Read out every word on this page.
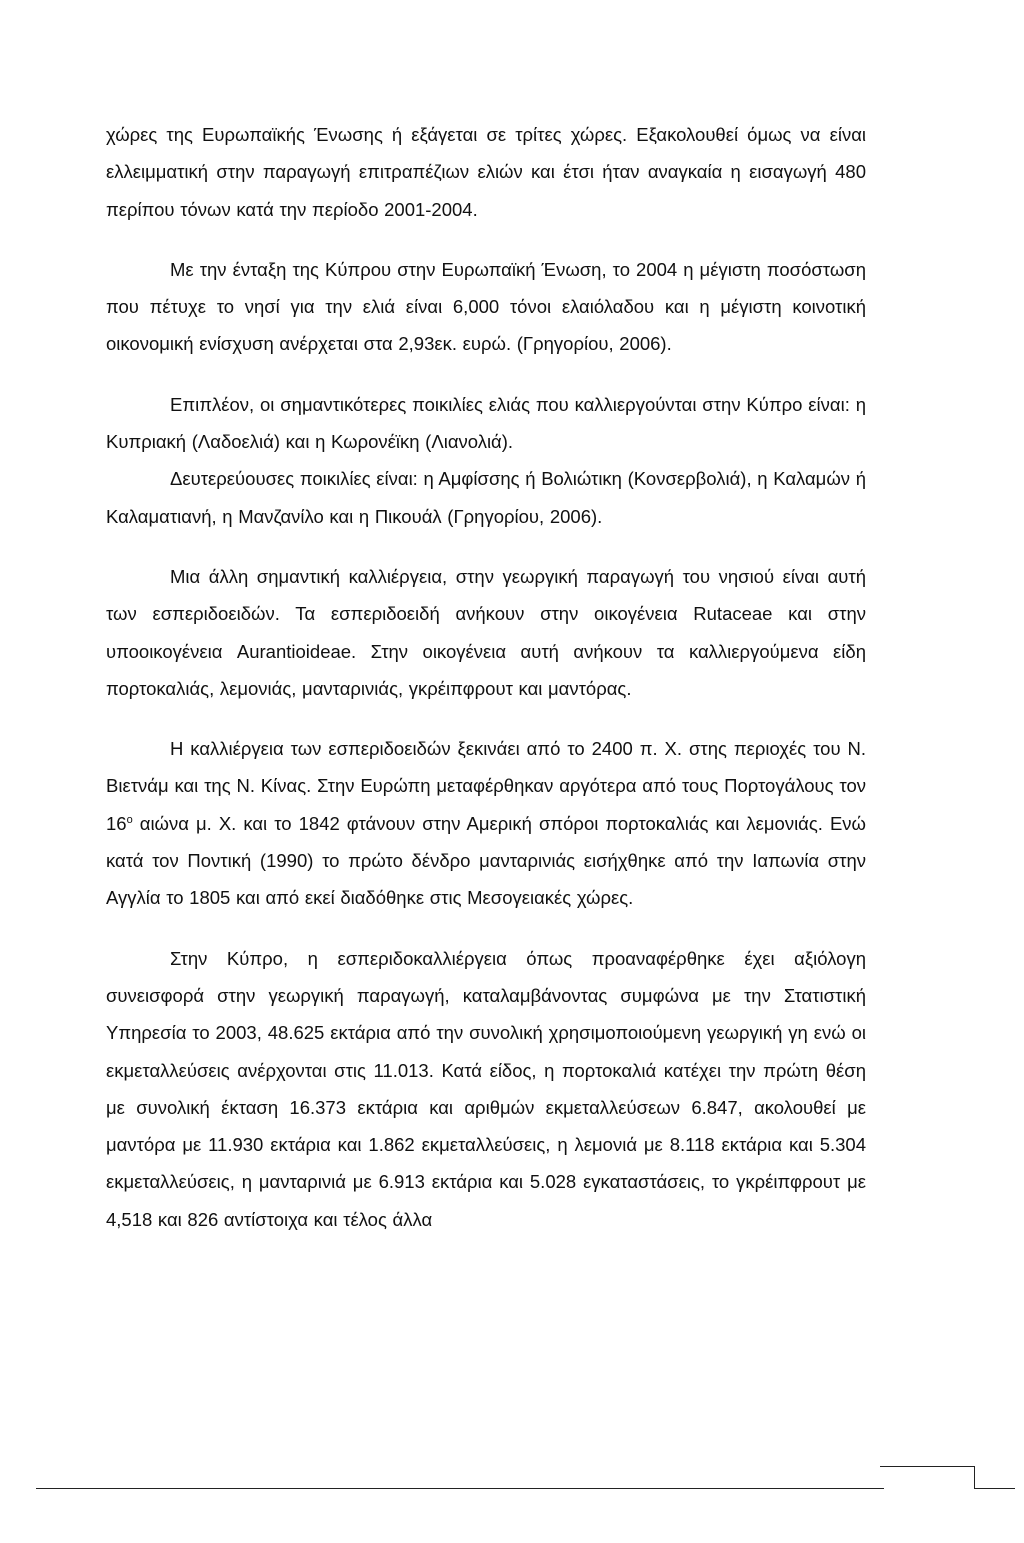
χώρες της Ευρωπαϊκής Ένωσης ή εξάγεται σε τρίτες χώρες. Εξακολουθεί όμως να είναι ελλειμματική στην παραγωγή επιτραπέζιων ελιών και έτσι ήταν αναγκαία η εισαγωγή 480 περίπου τόνων κατά την περίοδο 2001-2004.

Με την ένταξη της Κύπρου στην Ευρωπαϊκή Ένωση, το 2004 η μέγιστη ποσόστωση που πέτυχε το νησί για την ελιά είναι 6,000 τόνοι ελαιόλαδου και η μέγιστη κοινοτική οικονομική ενίσχυση ανέρχεται στα 2,93εκ. ευρώ. (Γρηγορίου, 2006).

Επιπλέον, οι σημαντικότερες ποικιλίες ελιάς που καλλιεργούνται στην Κύπρο είναι: η Κυπριακή (Λαδοελιά) και η Κωρονέϊκη (Λιανολιά).

Δευτερεύουσες ποικιλίες είναι: η Αμφίσσης ή Βολιώτικη (Κονσερβολιά), η Καλαμών ή Καλαματιανή, η Μανζανίλο και η Πικουάλ (Γρηγορίου, 2006).

Μια άλλη σημαντική καλλιέργεια, στην γεωργική παραγωγή του νησιού είναι αυτή των εσπεριδοειδών. Τα εσπεριδοειδή ανήκουν στην οικογένεια Rutaceae και στην υποοικογένεια Aurantioideae. Στην οικογένεια αυτή ανήκουν τα καλλιεργούμενα είδη πορτοκαλιάς, λεμονιάς, μανταρινιάς, γκρέιπφρουτ και μαντόρας.

Η καλλιέργεια των εσπεριδοειδών ξεκινάει από το 2400 π. Χ. στης περιοχές του Ν. Βιετνάμ και της Ν. Κίνας. Στην Ευρώπη μεταφέρθηκαν αργότερα από τους Πορτογάλους τον $16^o$ αιώνα μ. Χ. και το 1842 φτάνουν στην Αμερική σπόροι πορτοκαλιάς και λεμονιάς. Ενώ κατά τον Ποντική (1990) το πρώτο δένδρο μανταρινιάς εισήχθηκε από την Ιαπωνία στην Αγγλία το 1805 και από εκεί διαδόθηκε στις Μεσογειακές χώρες.

Στην Κύπρο, η εσπεριδοκαλλιέργεια όπως προαναφέρθηκε έχει αξιόλογη συνεισφορά στην γεωργική παραγωγή, καταλαμβάνοντας συμφώνα με την Στατιστική Υπηρεσία το 2003, 48.625 εκτάρια από την συνολική χρησιμοποιούμενη γεωργική γη ενώ οι εκμεταλλεύσεις ανέρχονται στις 11.013. Κατά είδος, η πορτοκαλιά κατέχει την πρώτη θέση με συνολική έκταση 16.373 εκτάρια και αριθμών εκμεταλλεύσεων 6.847, ακολουθεί με μαντόρα με 11.930 εκτάρια και 1.862 εκμεταλλεύσεις, η λεμονιά με 8.118 εκτάρια και 5.304 εκμεταλλεύσεις, η μανταρινιά με 6.913 εκτάρια και 5.028 εγκαταστάσεις, το γκρέιπφρουτ με 4,518 και 826 αντίστοιχα και τέλος άλλα
